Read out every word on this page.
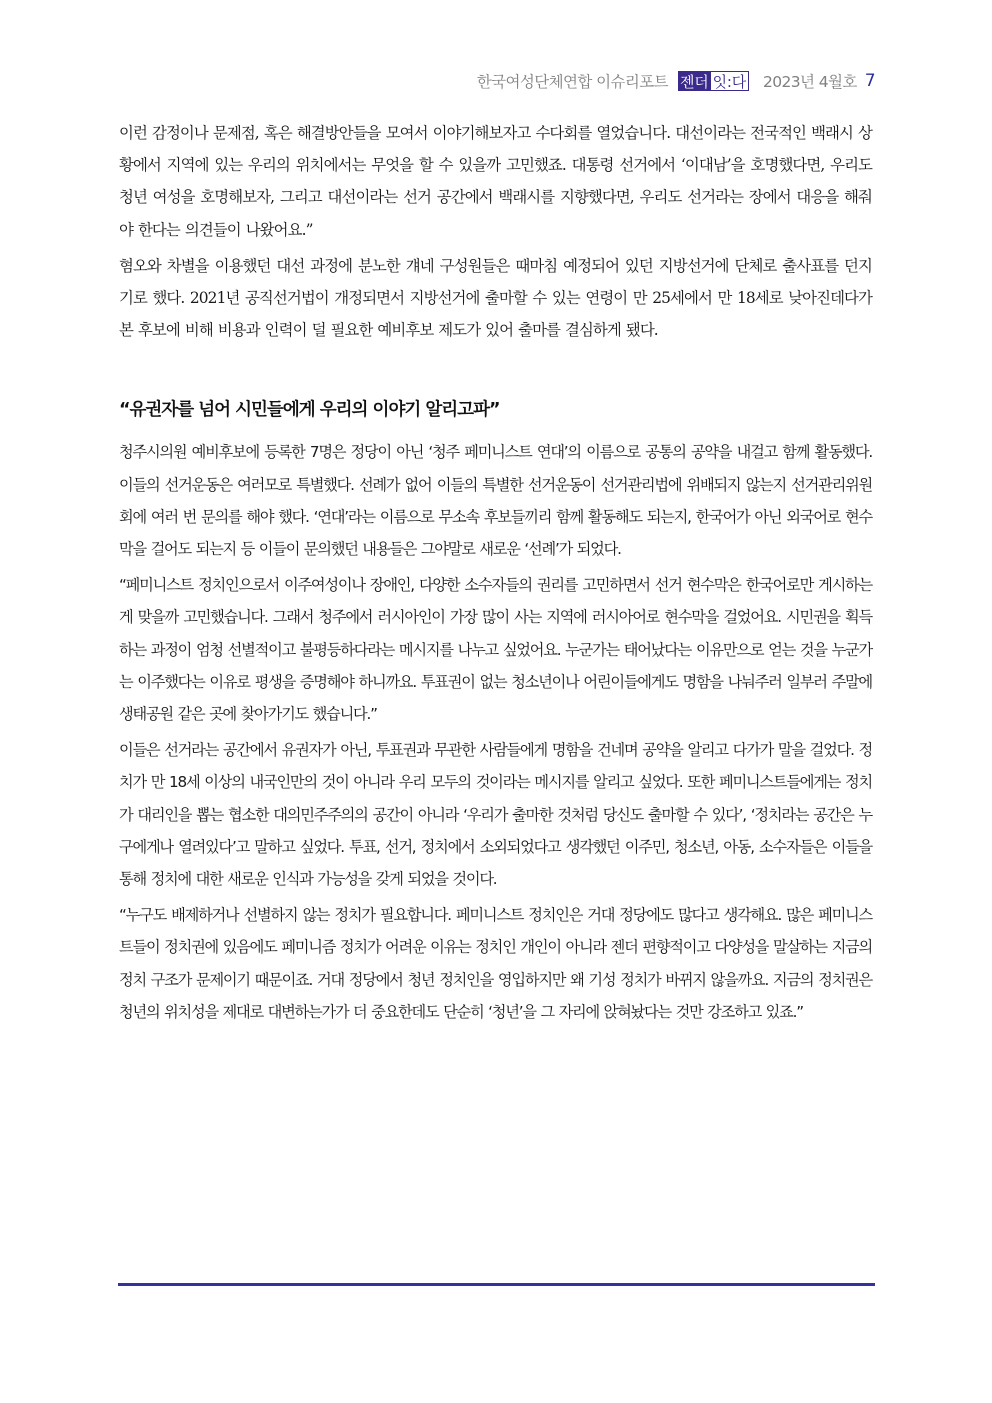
한국여성단체연합 이슈리포트 젠더 잇:다 2023년 4월호 7

이런 감정이나 문제점, 혹은 해결방안들을 모여서 이야기해보자고 수다회를 열었습니다. 대선이라는 전국적인 백래시 상황에서 지역에 있는 우리의 위치에서는 무엇을 할 수 있을까 고민했죠. 대통령 선거에서 ‘이대남’을 호명했다면, 우리도 청년 여성을 호명해보자, 그리고 대선이라는 선거 공간에서 백래시를 지향했다면, 우리도 선거라는 장에서 대응을 해줘야 한다는 의견들이 나왔어요.”

혐오와 차별을 이용했던 대선 과정에 분노한 걔네 구성원들은 때마침 예정되어 있던 지방선거에 단체로 출사표를 던지기로 했다. 2021년 공직선거법이 개정되면서 지방선거에 출마할 수 있는 연령이 만 25세에서 만 18세로 낮아진데다가 본 후보에 비해 비용과 인력이 덜 필요한 예비후보 제도가 있어 출마를 결심하게 됐다.

“유권자를 넘어 시민들에게 우리의 이야기 알리고파”

청주시의원 예비후보에 등록한 7명은 정당이 아닌 ‘청주 페미니스트 연대’의 이름으로 공통의 공약을 내걸고 함께 활동했다. 이들의 선거운동은 여러모로 특별했다. 선례가 없어 이들의 특별한 선거운동이 선거관리법에 위배되지 않는지 선거관리위원회에 여러 번 문의를 해야 했다. ‘연대’라는 이름으로 무소속 후보들끼리 함께 활동해도 되는지, 한국어가 아닌 외국어로 현수막을 걸어도 되는지 등 이들이 문의했던 내용들은 그야말로 새로운 ‘선례’가 되었다.

“페미니스트 정치인으로서 이주여성이나 장애인, 다양한 소수자들의 권리를 고민하면서 선거 현수막은 한국어로만 게시하는 게 맞을까 고민했습니다. 그래서 청주에서 러시아인이 가장 많이 사는 지역에 러시아어로 현수막을 걸었어요. 시민권을 획득하는 과정이 엄청 선별적이고 불평등하다라는 메시지를 나누고 싶었어요. 누군가는 태어났다는 이유만으로 얻는 것을 누군가는 이주했다는 이유로 평생을 증명해야 하니까요. 투표권이 없는 청소년이나 어린이들에게도 명함을 나눠주러 일부러 주말에 생태공원 같은 곳에 찾아가기도 했습니다.”

이들은 선거라는 공간에서 유권자가 아닌, 투표권과 무관한 사람들에게 명함을 건네며 공약을 알리고 다가가 말을 걸었다. 정치가 만 18세 이상의 내국인만의 것이 아니라 우리 모두의 것이라는 메시지를 알리고 싶었다. 또한 페미니스트들에게는 정치가 대리인을 뽑는 협소한 대의민주주의의 공간이 아니라 ‘우리가 출마한 것처럼 당신도 출마할 수 있다’, ‘정치라는 공간은 누구에게나 열려있다’고 말하고 싶었다. 투표, 선거, 정치에서 소외되었다고 생각했던 이주민, 청소년, 아동, 소수자들은 이들을 통해 정치에 대한 새로운 인식과 가능성을 갖게 되었을 것이다.

“누구도 배제하거나 선별하지 않는 정치가 필요합니다. 페미니스트 정치인은 거대 정당에도 많다고 생각해요. 많은 페미니스트들이 정치권에 있음에도 페미니즘 정치가 어려운 이유는 정치인 개인이 아니라 젠더 편향적이고 다양성을 말살하는 지금의 정치 구조가 문제이기 때문이죠. 거대 정당에서 청년 정치인을 영입하지만 왜 기성 정치가 바뀌지 않을까요. 지금의 정치권은 청년의 위치성을 제대로 대변하는가가 더 중요한데도 단순히 ‘청년’을 그 자리에 앉혀놨다는 것만 강조하고 있죠.”
